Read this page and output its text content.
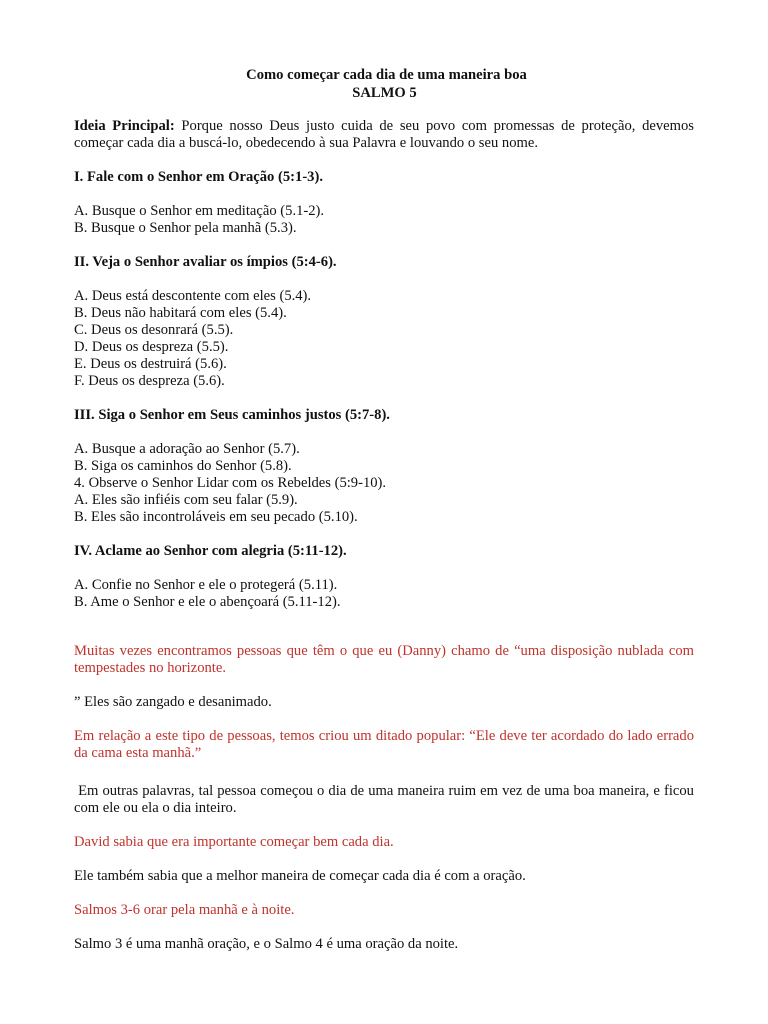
Como começar cada dia de uma maneira boa
SALMO 5

Ideia Principal: Porque nosso Deus justo cuida de seu povo com promessas de proteção, devemos começar cada dia a buscá-lo, obedecendo à sua Palavra e louvando o seu nome.

I. Fale com o Senhor em Oração (5:1-3).
A. Busque o Senhor em meditação (5.1-2).
B. Busque o Senhor pela manhã (5.3).
II. Veja o Senhor avaliar os ímpios (5:4-6).
A. Deus está descontente com eles (5.4).
B. Deus não habitará com eles (5.4).
C. Deus os desonrará (5.5).
D. Deus os despreza (5.5).
E. Deus os destruirá (5.6).
F. Deus os despreza (5.6).
III. Siga o Senhor em Seus caminhos justos (5:7-8).
A. Busque a adoração ao Senhor (5.7).
B. Siga os caminhos do Senhor (5.8).
4. Observe o Senhor Lidar com os Rebeldes (5:9-10).
A. Eles são infiéis com seu falar (5.9).
B. Eles são incontroláveis em seu pecado (5.10).
IV. Aclame ao Senhor com alegria (5:11-12).
A. Confie no Senhor e ele o protegerá (5.11).
B. Ame o Senhor e ele o abençoará (5.11-12).

Muitas vezes encontramos pessoas que têm o que eu (Danny) chamo de “uma disposição nublada com tempestades no horizonte.

” Eles são zangado e desanimado.

Em relação a este tipo de pessoas, temos criou um ditado popular: “Ele deve ter acordado do lado errado da cama esta manhã.”

Em outras palavras, tal pessoa começou o dia de uma maneira ruim em vez de uma boa maneira, e ficou com ele ou ela o dia inteiro.

David sabia que era importante começar bem cada dia.

Ele também sabia que a melhor maneira de começar cada dia é com a oração.

Salmos 3-6 orar pela manhã e à noite.

Salmo 3 é uma manhã oração, e o Salmo 4 é uma oração da noite.
